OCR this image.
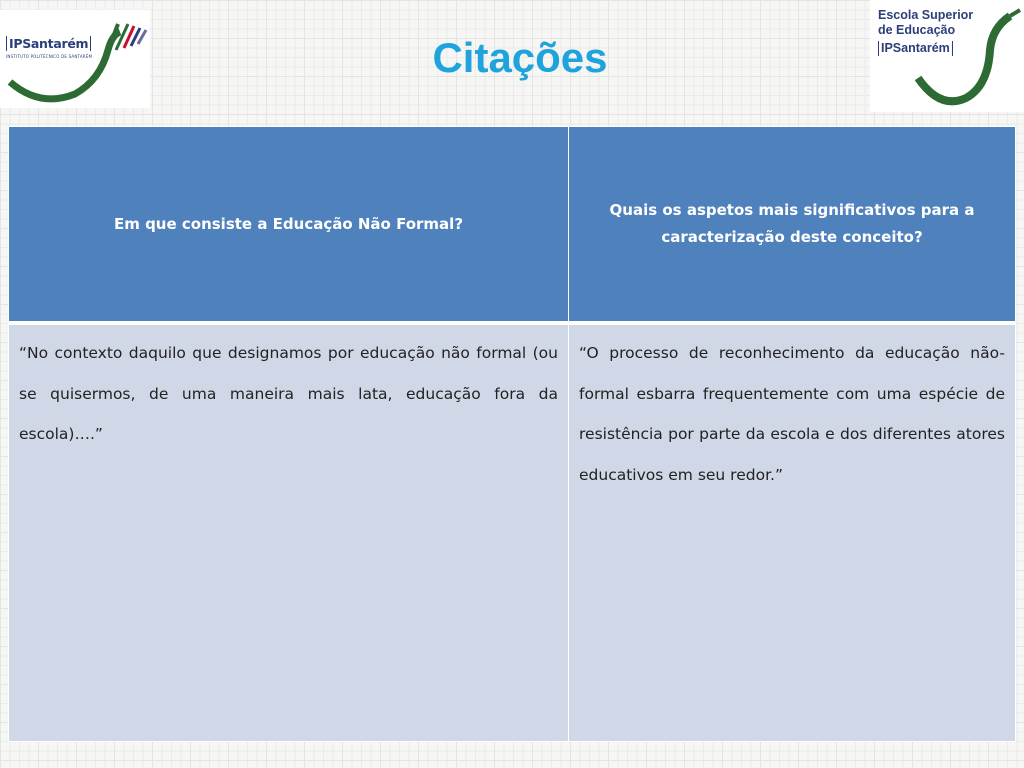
IPSantarém
INSTITUTO POLITÉCNICO DE SANTARÉM
Escola Superior
de Educação
IPSantarém
Citações
Em que consiste a Educação Não Formal?	Quais os aspetos mais significativos para a caracterização deste conceito?
“No contexto daquilo que designamos por educação não formal (ou se quisermos, de uma maneira mais lata, educação fora da escola)….”	“O processo de reconhecimento da educação não-formal esbarra frequentemente com uma espécie de resistência por parte da escola e dos diferentes atores educativos em seu redor.”
